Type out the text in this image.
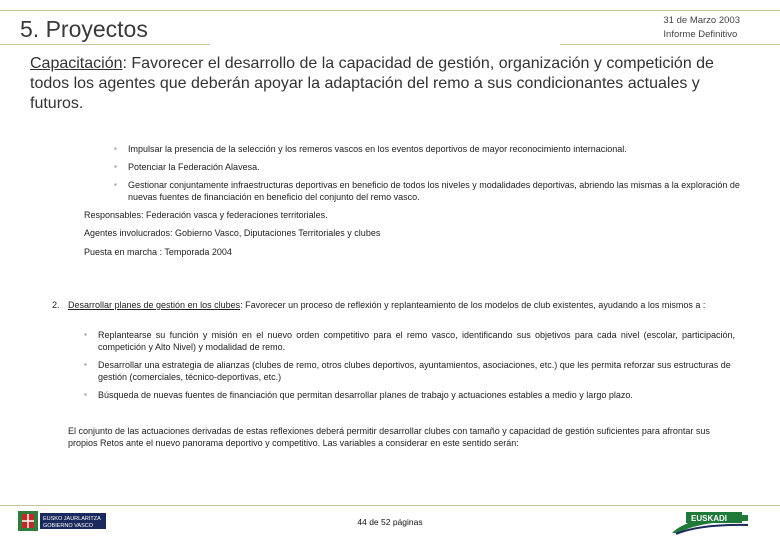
5. Proyectos	31 de Marzo 2003
Informe Definitivo
Capacitación: Favorecer el desarrollo de la capacidad de gestión, organización y competición de todos los agentes que deberán apoyar la adaptación del remo a sus condicionantes actuales y futuros.
▪ Impulsar la presencia de la selección y los remeros vascos en los eventos deportivos de mayor reconocimiento internacional.
▪ Potenciar la Federación Alavesa.
▪ Gestionar conjuntamente infraestructuras deportivas en beneficio de todos los niveles y modalidades deportivas, abriendo las mismas a la exploración de nuevas fuentes de financiación en beneficio del conjunto del remo vasco.
Responsables: Federación vasca y federaciones territoriales.
Agentes involucrados: Gobierno Vasco, Diputaciones Territoriales y clubes
Puesta en marcha : Temporada 2004
2. Desarrollar planes de gestión en los clubes: Favorecer un proceso de reflexión y replanteamiento de los modelos de club existentes, ayudando a los mismos a :
▪ Replantearse su función y misión en el nuevo orden competitivo para el remo vasco, identificando sus objetivos para cada nivel (escolar, participación, competición y Alto Nivel) y modalidad de remo.
▪ Desarrollar una estrategia de alianzas (clubes de remo, otros clubes deportivos, ayuntamientos, asociaciones, etc.) que les permita reforzar sus estructuras de gestión (comerciales, técnico-deportivas, etc.)
▪ Búsqueda de nuevas fuentes de financiación que permitan desarrollar planes de trabajo y actuaciones estables a medio y largo plazo.
El conjunto de las actuaciones derivadas de estas reflexiones deberá permitir desarrollar clubes con tamaño y capacidad de gestión suficientes para afrontar sus propios Retos ante el nuevo panorama deportivo y competitivo. Las variables a considerar en este sentido serán:
EUSKO JAURLARITZA
GOBIERNO VASCO	44 de 52 páginas	EUSKADI
